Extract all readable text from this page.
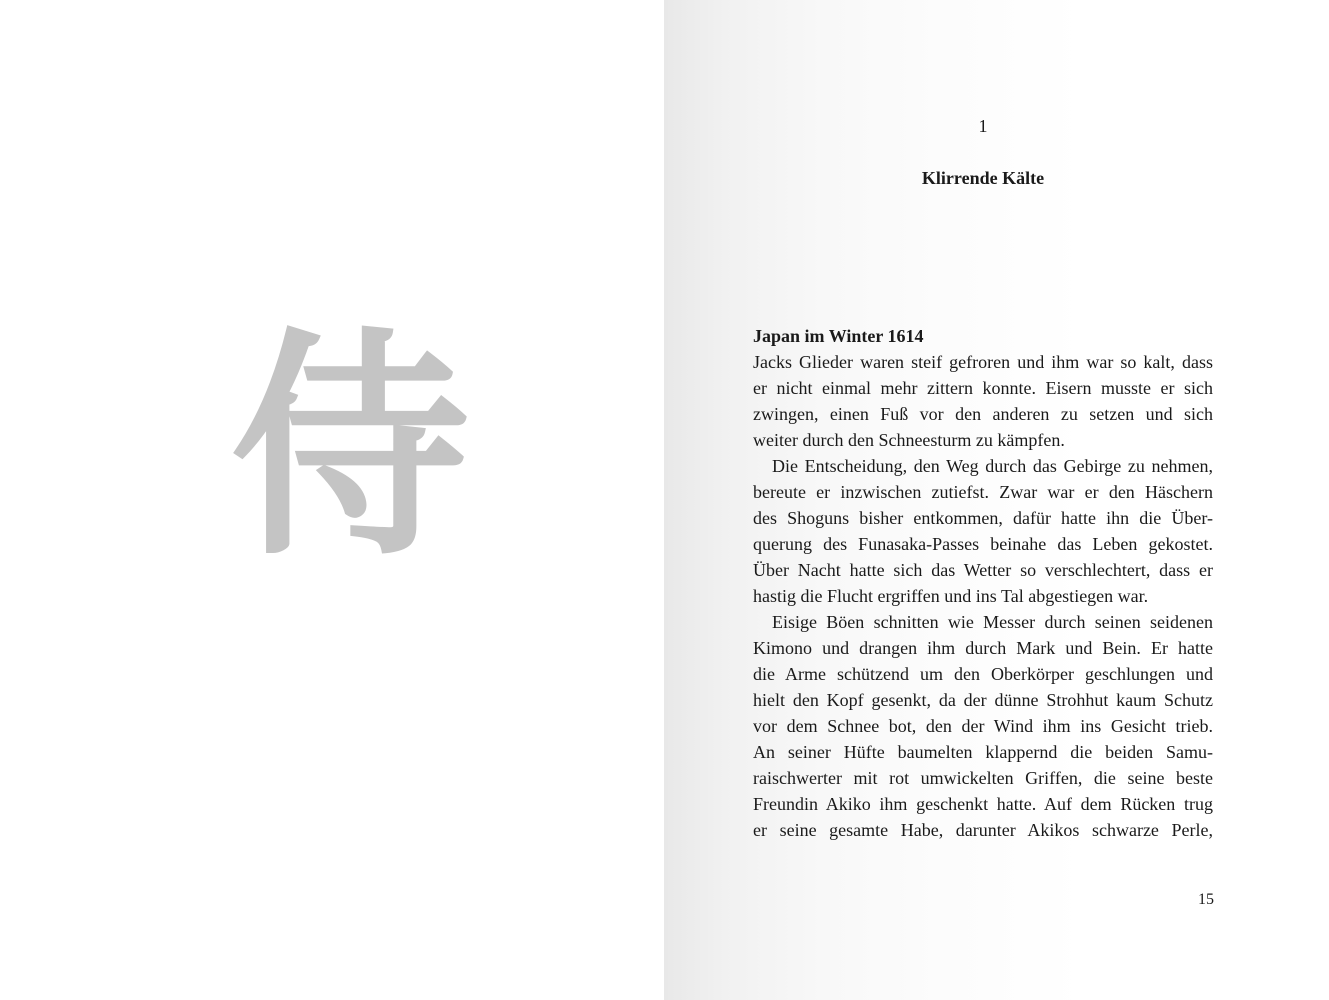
侍
1
Klirrende Kälte
Japan im Winter 1614
Jacks Glieder waren steif gefroren und ihm war so kalt, dass
er nicht einmal mehr zittern konnte. Eisern musste er sich
zwingen, einen Fuß vor den anderen zu setzen und sich
weiter durch den Schneesturm zu kämpfen.
Die Entscheidung, den Weg durch das Gebirge zu nehmen,
bereute er inzwischen zutiefst. Zwar war er den Häschern
des Shoguns bisher entkommen, dafür hatte ihn die Über-
querung des Funasaka-Passes beinahe das Leben gekostet.
Über Nacht hatte sich das Wetter so verschlechtert, dass er
hastig die Flucht ergriffen und ins Tal abgestiegen war.
Eisige Böen schnitten wie Messer durch seinen seidenen
Kimono und drangen ihm durch Mark und Bein. Er hatte
die Arme schützend um den Oberkörper geschlungen und
hielt den Kopf gesenkt, da der dünne Strohhut kaum Schutz
vor dem Schnee bot, den der Wind ihm ins Gesicht trieb.
An seiner Hüfte baumelten klappernd die beiden Samu-
raischwerter mit rot umwickelten Griffen, die seine beste
Freundin Akiko ihm geschenkt hatte. Auf dem Rücken trug
er seine gesamte Habe, darunter Akikos schwarze Perle,
15
